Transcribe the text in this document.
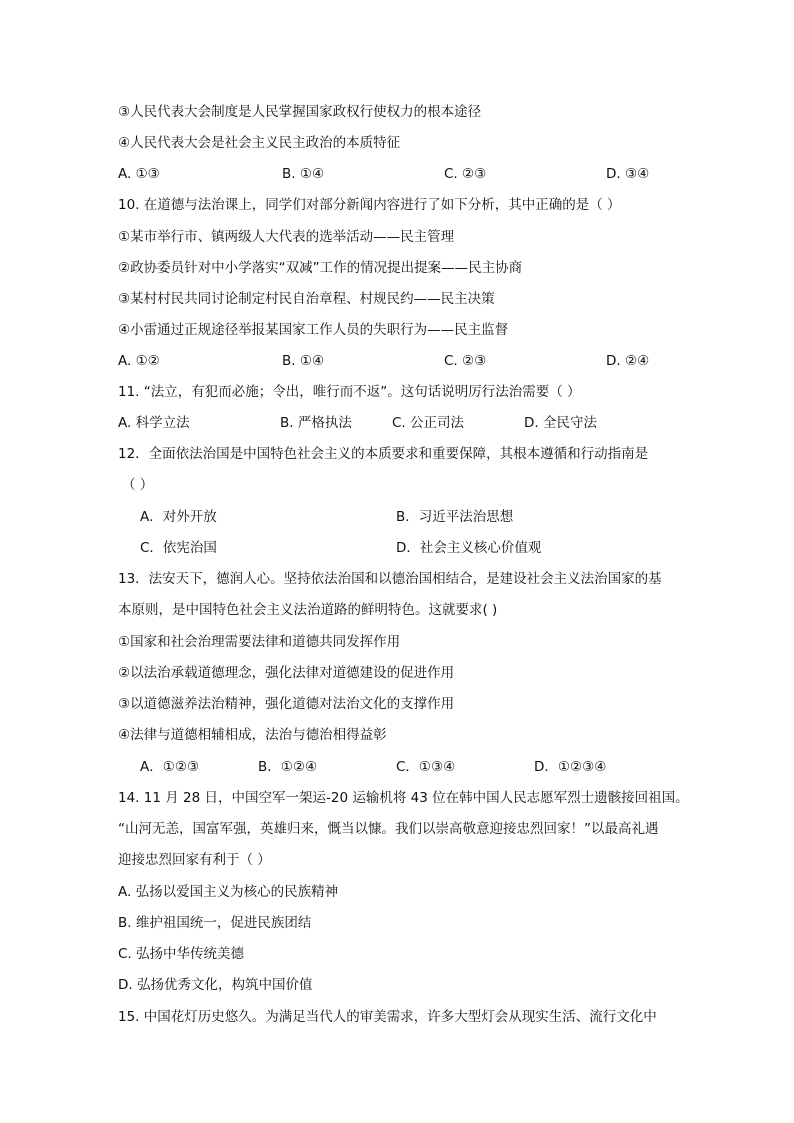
③人民代表大会制度是人民掌握国家政权行使权力的根本途径
④人民代表大会是社会主义民主政治的本质特征
A. ①③	B. ①④	C. ②③	D. ③④
10. 在道德与法治课上，同学们对部分新闻内容进行了如下分析，其中正确的是（ ）
①某市举行市、镇两级人大代表的选举活动——民主管理
②政协委员针对中小学落实“双减”工作的情况提出提案——民主协商
③某村村民共同讨论制定村民自治章程、村规民约——民主决策
④小雷通过正规途径举报某国家工作人员的失职行为——民主监督
A. ①②	B. ①④	C. ②③	D. ②④
11. “法立，有犯而必施；令出，唯行而不返”。这句话说明厉行法治需要（ ）
A. 科学立法	B. 严格执法	C. 公正司法	D. 全民守法
12．全面依法治国是中国特色社会主义的本质要求和重要保障，其根本遵循和行动指南是
（ ）
A．对外开放	B．习近平法治思想
C．依宪治国	D．社会主义核心价值观
13．法安天下，德润人心。坚持依法治国和以德治国相结合，是建设社会主义法治国家的基
本原则，是中国特色社会主义法治道路的鲜明特色。这就要求( )
①国家和社会治理需要法律和道德共同发挥作用
②以法治承载道德理念，强化法律对道德建设的促进作用
③以道德滋养法治精神，强化道德对法治文化的支撑作用
④法律与道德相辅相成，法治与德治相得益彰
A．①②③	B．①②④	C．①③④	D．①②③④
14. 11 月 28 日，中国空军一架运-20 运输机将 43 位在韩中国人民志愿军烈士遗骸接回祖国。
“山河无恙，国富军强，英雄归来，慨当以慷。我们以崇高敬意迎接忠烈回家！”以最高礼遇
迎接忠烈回家有利于（ ）
A. 弘扬以爱国主义为核心的民族精神
B. 维护祖国统一，促进民族团结
C. 弘扬中华传统美德
D. 弘扬优秀文化，构筑中国价值
15. 中国花灯历史悠久。为满足当代人的审美需求，许多大型灯会从现实生活、流行文化中
